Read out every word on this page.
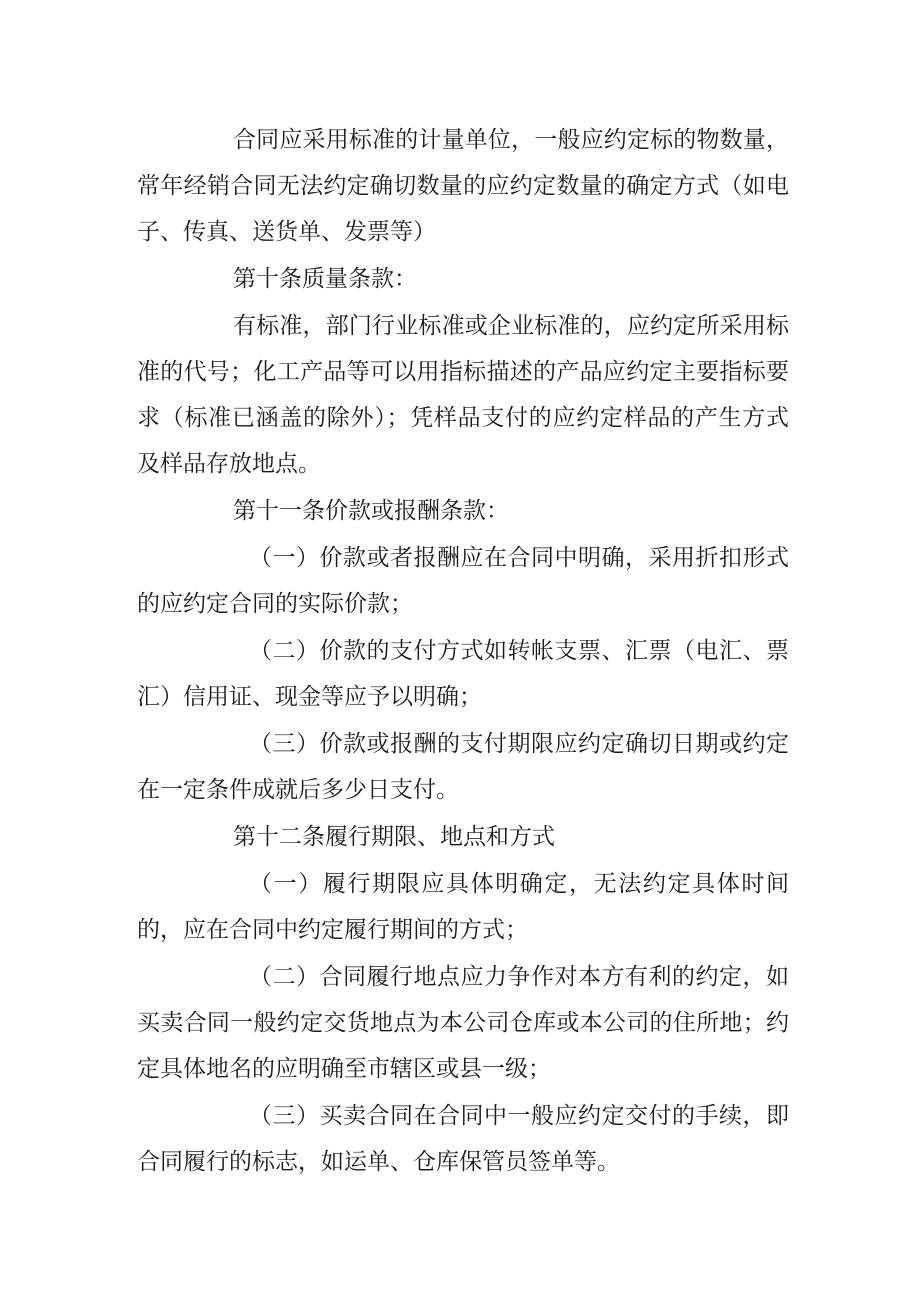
合同应采用标准的计量单位，一般应约定标的物数量，常年经销合同无法约定确切数量的应约定数量的确定方式（如电子、传真、送货单、发票等）

第十条质量条款：

有标准，部门行业标准或企业标准的，应约定所采用标准的代号；化工产品等可以用指标描述的产品应约定主要指标要求（标准已涵盖的除外）；凭样品支付的应约定样品的产生方式及样品存放地点。

第十一条价款或报酬条款：

（一）价款或者报酬应在合同中明确，采用折扣形式的应约定合同的实际价款；

（二）价款的支付方式如转帐支票、汇票（电汇、票汇）信用证、现金等应予以明确；

（三）价款或报酬的支付期限应约定确切日期或约定在一定条件成就后多少日支付。

第十二条履行期限、地点和方式

（一）履行期限应具体明确定，无法约定具体时间的，应在合同中约定履行期间的方式；

（二）合同履行地点应力争作对本方有利的约定，如买卖合同一般约定交货地点为本公司仓库或本公司的住所地；约定具体地名的应明确至市辖区或县一级；

（三）买卖合同在合同中一般应约定交付的手续，即合同履行的标志，如运单、仓库保管员签单等。
